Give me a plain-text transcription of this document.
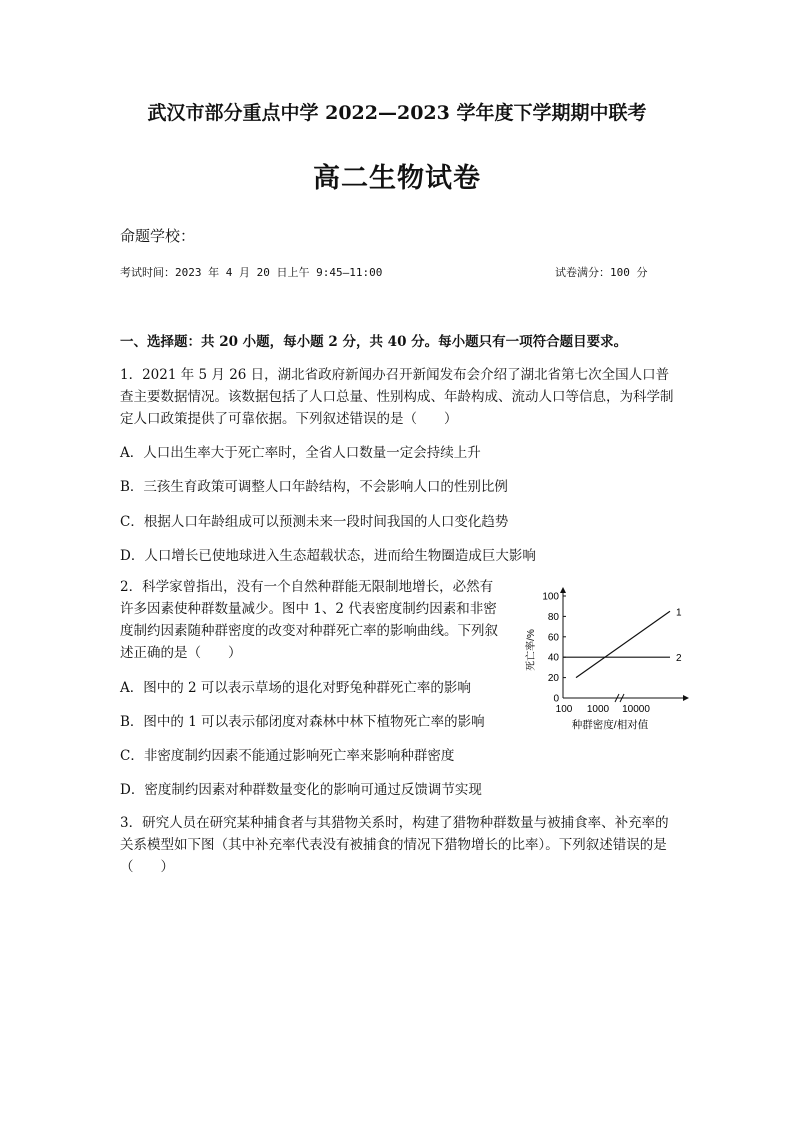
武汉市部分重点中学 2022—2023 学年度下学期期中联考
高二生物试卷
命题学校：
考试时间：2023 年 4 月 20 日上午 9:45—11:00	试卷满分：100 分
一、选择题：共 20 小题，每小题 2 分，共 40 分。每小题只有一项符合题目要求。
1．2021 年 5 月 26 日，湖北省政府新闻办召开新闻发布会介绍了湖北省第七次全国人口普查主要数据情况。该数据包括了人口总量、性别构成、年龄构成、流动人口等信息，为科学制定人口政策提供了可靠依据。下列叙述错误的是（　　）
A．人口出生率大于死亡率时，全省人口数量一定会持续上升
B．三孩生育政策可调整人口年龄结构，不会影响人口的性别比例
C．根据人口年龄组成可以预测未来一段时间我国的人口变化趋势
D．人口增长已使地球进入生态超载状态，进而给生物圈造成巨大影响
2．科学家曾指出，没有一个自然种群能无限制地增长，必然有许多因素使种群数量减少。图中 1、2 代表密度制约因素和非密度制约因素随种群密度的改变对种群死亡率的影响曲线。下列叙述正确的是（　　）
A．图中的 2 可以表示草场的退化对野兔种群死亡率的影响
B．图中的 1 可以表示郁闭度对森林中林下植物死亡率的影响
C．非密度制约因素不能通过影响死亡率来影响种群密度
D．密度制约因素对种群数量变化的影响可通过反馈调节实现
3．研究人员在研究某种捕食者与其猎物关系时，构建了猎物种群数量与被捕食率、补充率的关系模型如下图（其中补充率代表没有被捕食的情况下猎物增长的比率）。下列叙述错误的是（　　）
100
80
60
40
20
0
100 1000 10000
1
2
死亡率/%
种群密度/相对值
